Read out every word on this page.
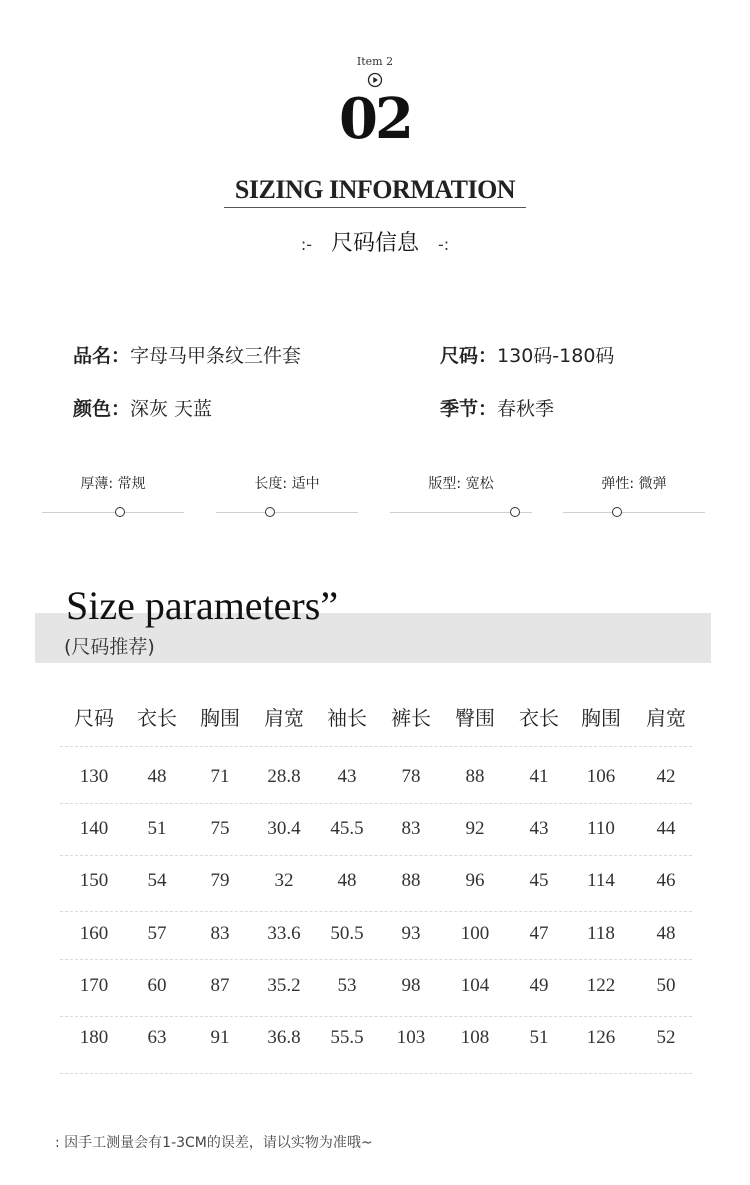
Item 2
02
SIZING INFORMATION
:- 尺码信息 -:
品名：字母马甲条纹三件套	尺码：130码-180码
颜色：深灰 天蓝	季节：春秋季
厚薄: 常规	长度: 适中	版型: 宽松	弹性: 微弹
Size parameters”
(尺码推荐)
尺码	衣长	胸围	肩宽	袖长	裤长	臀围	衣长	胸围	肩宽
130	48	71	28.8	43	78	88	41	106	42
140	51	75	30.4	45.5	83	92	43	110	44
150	54	79	32	48	88	96	45	114	46
160	57	83	33.6	50.5	93	100	47	118	48
170	60	87	35.2	53	98	104	49	122	50
180	63	91	36.8	55.5	103	108	51	126	52
: 因手工测量会有1-3CM的误差，请以实物为准哦~
